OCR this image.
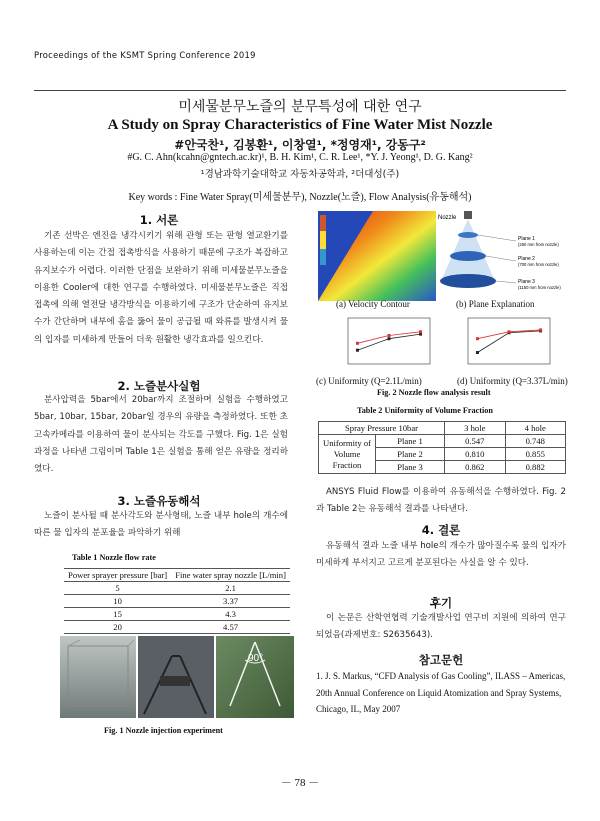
Proceedings of the KSMT Spring Conference 2019
미세물분무노즐의 분무특성에 대한 연구
A Study on Spray Characteristics of Fine Water Mist Nozzle
#안국찬¹, 김봉환¹, 이창열¹, *정영재¹, 강동구²
#G. C. Ahn(kcahn@gntech.ac.kr)¹, B. H. Kim¹, C. R. Lee¹, *Y. J. Yeong¹, D. G. Kang²
¹경남과학기술대학교 자동차공학과, ²더대성(주)
Key words : Fine Water Spray(미세물분무), Nozzle(노즐), Flow Analysis(유동해석)
1. 서론
기존 선박은 엔진을 냉각시키기 위해 관형 또는 판형 열교환기를 사용하는데 이는 간접 접촉방식을 사용하기 때문에 구조가 복잡하고 유지보수가 어렵다. 이러한 단점을 보완하기 위해 미세물분무노즐을 이용한 Cooler에 대한 연구를 수행하였다. 미세물분무노즐은 직접 접촉에 의해 열전달 냉각방식을 이용하기에 구조가 단순하여 유지보수가 간단하며 내부에 홈을 뚫어 물이 공급될 때 와류를 발생시켜 물의 입자를 미세하게 만들어 더욱 원활한 냉각효과를 일으킨다.
2. 노즐분사실험
분사압력을 5bar에서 20bar까지 조절하며 실험을 수행하였고 5bar, 10bar, 15bar, 20bar일 경우의 유량을 측정하였다. 또한 초고속카메라를 이용하여 물이 분사되는 각도를 구했다. Fig. 1은 실험 과정을 나타낸 그림이며 Table 1은 실험을 통해 얻은 유량을 정리하였다.
3. 노즐유동해석
노즐이 분사될 때 분사각도와 분사형태, 노즐 내부 hole의 개수에 따른 물 입자의 분포율을 파악하기 위해
Table 1 Nozzle flow rate
Power sprayer pressure [bar]	Fine water spray nozzle [L/min]
5	2.1
10	3.37
15	4.3
20	4.57
90°
Fig. 1 Nozzle injection experiment
(a) Velocity Contour
Nozzle
Plane 1
(250 mm from nozzle)
Plane 2
(700 mm from nozzle)
Plane 3
(1150 mm from nozzle)
(b) Plane Explanation
(c) Uniformity (Q=2.1L/min)	(d) Uniformity (Q=3.37L/min)
Fig. 2 Nozzle flow analysis result
Table 2 Uniformity of Volume Fraction
Spray Pressure 10bar		3 hole	4 hole
Uniformity of Volume Fraction	Plane 1	0.547	0.748
	Plane 2	0.810	0.855
	Plane 3	0.862	0.882
ANSYS Fluid Flow를 이용하여 유동해석을 수행하였다. Fig. 2과 Table 2는 유동해석 결과를 나타낸다.
4. 결론
유동해석 결과 노즐 내부 hole의 개수가 많아질수록 물의 입자가 미세하게 부서지고 고르게 분포된다는 사실을 알 수 있다.
후기
이 논문은 산학연협력 기술개발사업 연구비 지원에 의하여 연구되었음(과제번호: S2635643).
참고문헌
1. J. S. Markus, “CFD Analysis of Gas Cooling”, ILASS – Americas, 20th Annual Conference on Liquid Atomization and Spray Systems, Chicago, IL, May 2007
－ 78 －
